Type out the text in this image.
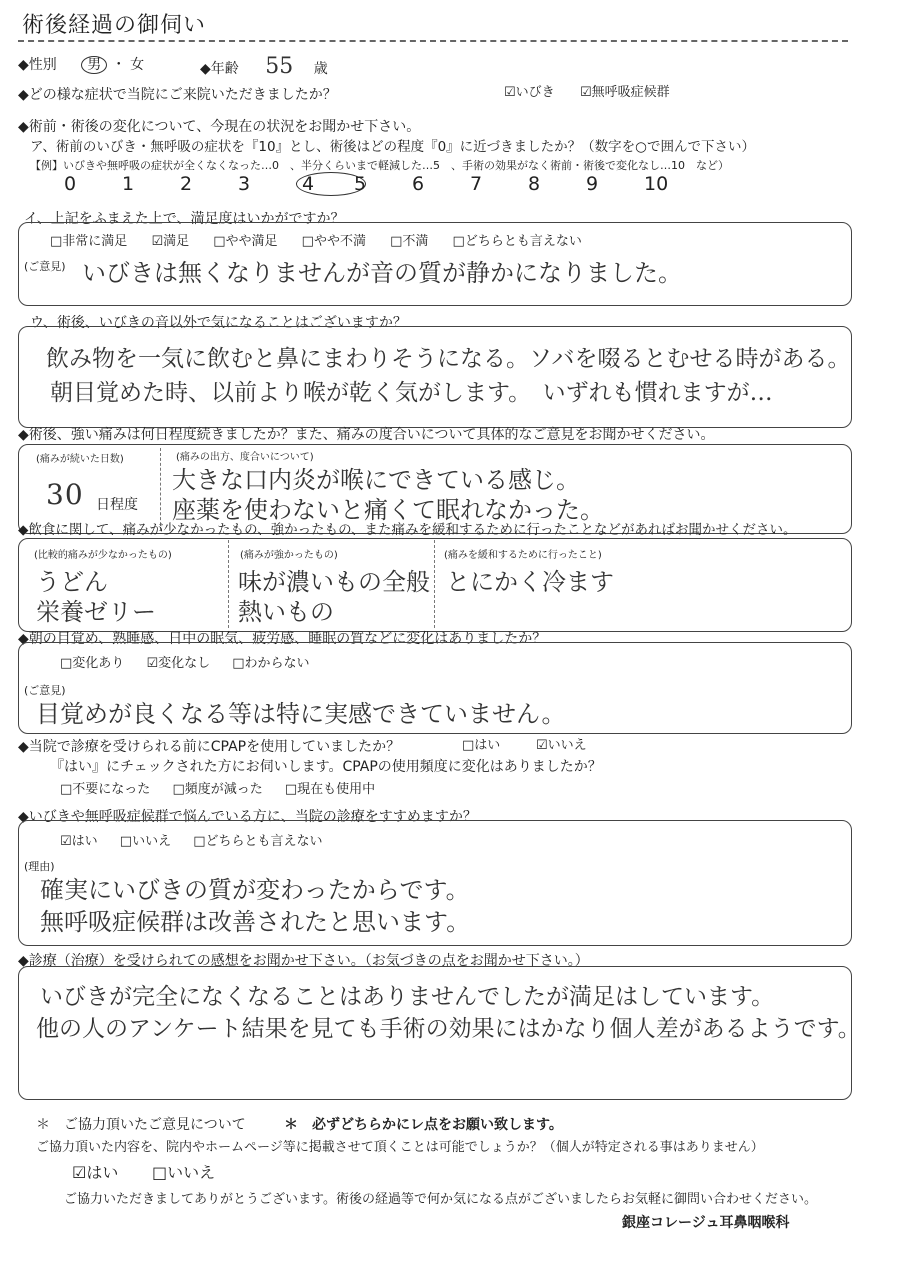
術後経過の御伺い
◆性別 男 ・ 女	◆年齢 55 歳
◆どの様な症状で当院にご来院いただきましたか？	☑いびき ☑無呼吸症候群
◆術前・術後の変化について、今現在の状況をお聞かせ下さい。
ア、術前のいびき・無呼吸の症状を『10』とし、術後はどの程度『0』に近づきましたか？（数字を○で囲んで下さい）
【例】いびきや無呼吸の症状が全くなくなった…0　、半分くらいまで軽減した…5　、手術の効果がなく術前・術後で変化なし…10　など）
0 1 2 3	4 5 6 7 8 9 10
イ、上記をふまえた上で、満足度はいかがですか？
□非常に満足 ☑満足 □やや満足 □やや不満 □不満 □どちらとも言えない
(ご意見) いびきは無くなりませんが音の質が静かになりました。
ウ、術後、いびきの音以外で気になることはございますか？
飲み物を一気に飲むと鼻にまわりそうになる。ソバを啜るとむせる時がある。
朝目覚めた時、以前より喉が乾く気がします。　いずれも慣れますが…
◆術後、強い痛みは何日程度続きましたか？また、痛みの度合いについて具体的なご意見をお聞かせください。
(痛みが続いた日数)
30 日程度
(痛みの出方、度合いについて)
大きな口内炎が喉にできている感じ。
座薬を使わないと痛くて眠れなかった。
◆飲食に関して、痛みが少なかったもの、強かったもの、また痛みを緩和するために行ったことなどがあればお聞かせください。
(比較的痛みが少なかったもの)
うどん
栄養ゼリー
(痛みが強かったもの)
味が濃いもの全般
熱いもの
(痛みを緩和するために行ったこと)
とにかく冷ます
◆朝の目覚め、熟睡感、日中の眠気、疲労感、睡眠の質などに変化はありましたか？
□変化あり ☑変化なし □わからない
(ご意見)
目覚めが良くなる等は特に実感できていません。
◆当院で診療を受けられる前にCPAPを使用していましたか？	□はい	☑いいえ
『はい』にチェックされた方にお伺いします。CPAPの使用頻度に変化はありましたか？
□不要になった □頻度が減った □現在も使用中
◆いびきや無呼吸症候群で悩んでいる方に、当院の診療をすすめますか？
☑はい □いいえ □どちらとも言えない
(理由)
確実にいびきの質が変わったからです。
無呼吸症候群は改善されたと思います。
◆診療（治療）を受けられての感想をお聞かせ下さい。（お気づきの点をお聞かせ下さい。）
いびきが完全になくなることはありませんでしたが満足はしています。
他の人のアンケート結果を見ても手術の効果にはかなり個人差があるようです。
＊　ご協力頂いたご意見について	＊　必ずどちらかにレ点をお願い致します。
ご協力頂いた内容を、院内やホームページ等に掲載させて頂くことは可能でしょうか？（個人が特定される事はありません）
☑はい □いいえ
ご協力いただきましてありがとうございます。術後の経過等で何か気になる点がございましたらお気軽に御問い合わせください。
銀座コレージュ耳鼻咽喉科
